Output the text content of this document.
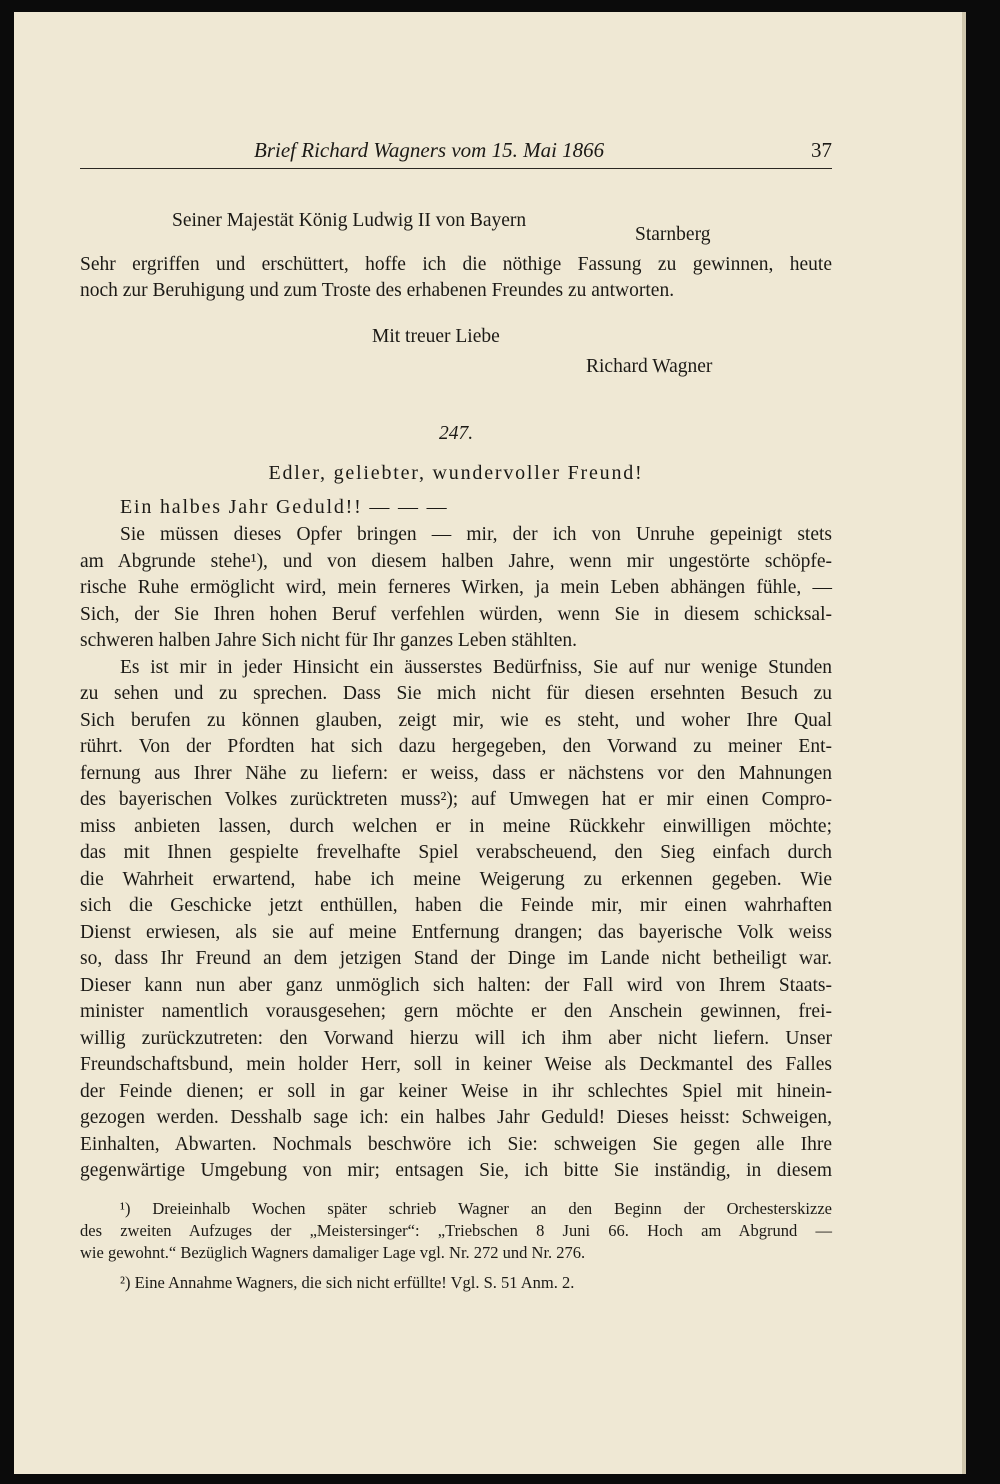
Brief Richard Wagners vom 15. Mai 1866	37
Seiner Majestät König Ludwig II von Bayern
Starnberg
Sehr ergriffen und erschüttert, hoffe ich die nöthige Fassung zu gewinnen, heute
noch zur Beruhigung und zum Troste des erhabenen Freundes zu antworten.
Mit treuer Liebe
Richard Wagner
247.
Edler, geliebter, wundervoller Freund!
Ein halbes Jahr Geduld!! — — —
Sie müssen dieses Opfer bringen — mir, der ich von Unruhe gepeinigt stets
am Abgrunde stehe¹), und von diesem halben Jahre, wenn mir ungestörte schöpfe-
rische Ruhe ermöglicht wird, mein ferneres Wirken, ja mein Leben abhängen fühle, —
Sich, der Sie Ihren hohen Beruf verfehlen würden, wenn Sie in diesem schicksal-
schweren halben Jahre Sich nicht für Ihr ganzes Leben stählten.
Es ist mir in jeder Hinsicht ein äusserstes Bedürfniss, Sie auf nur wenige Stunden
zu sehen und zu sprechen. Dass Sie mich nicht für diesen ersehnten Besuch zu
Sich berufen zu können glauben, zeigt mir, wie es steht, und woher Ihre Qual
rührt. Von der Pfordten hat sich dazu hergegeben, den Vorwand zu meiner Ent-
fernung aus Ihrer Nähe zu liefern: er weiss, dass er nächstens vor den Mahnungen
des bayerischen Volkes zurücktreten muss²); auf Umwegen hat er mir einen Compro-
miss anbieten lassen, durch welchen er in meine Rückkehr einwilligen möchte;
das mit Ihnen gespielte frevelhafte Spiel verabscheuend, den Sieg einfach durch
die Wahrheit erwartend, habe ich meine Weigerung zu erkennen gegeben. Wie
sich die Geschicke jetzt enthüllen, haben die Feinde mir, mir einen wahrhaften
Dienst erwiesen, als sie auf meine Entfernung drangen; das bayerische Volk weiss
so, dass Ihr Freund an dem jetzigen Stand der Dinge im Lande nicht betheiligt war.
Dieser kann nun aber ganz unmöglich sich halten: der Fall wird von Ihrem Staats-
minister namentlich vorausgesehen; gern möchte er den Anschein gewinnen, frei-
willig zurückzutreten: den Vorwand hierzu will ich ihm aber nicht liefern. Unser
Freundschaftsbund, mein holder Herr, soll in keiner Weise als Deckmantel des Falles
der Feinde dienen; er soll in gar keiner Weise in ihr schlechtes Spiel mit hinein-
gezogen werden. Desshalb sage ich: ein halbes Jahr Geduld! Dieses heisst: Schweigen,
Einhalten, Abwarten. Nochmals beschwöre ich Sie: schweigen Sie gegen alle Ihre
gegenwärtige Umgebung von mir; entsagen Sie, ich bitte Sie inständig, in diesem
¹) Dreieinhalb Wochen später schrieb Wagner an den Beginn der Orchesterskizze
des zweiten Aufzuges der „Meistersinger“: „Triebschen 8 Juni 66. Hoch am Abgrund —
wie gewohnt.“ Bezüglich Wagners damaliger Lage vgl. Nr. 272 und Nr. 276.
²) Eine Annahme Wagners, die sich nicht erfüllte! Vgl. S. 51 Anm. 2.
